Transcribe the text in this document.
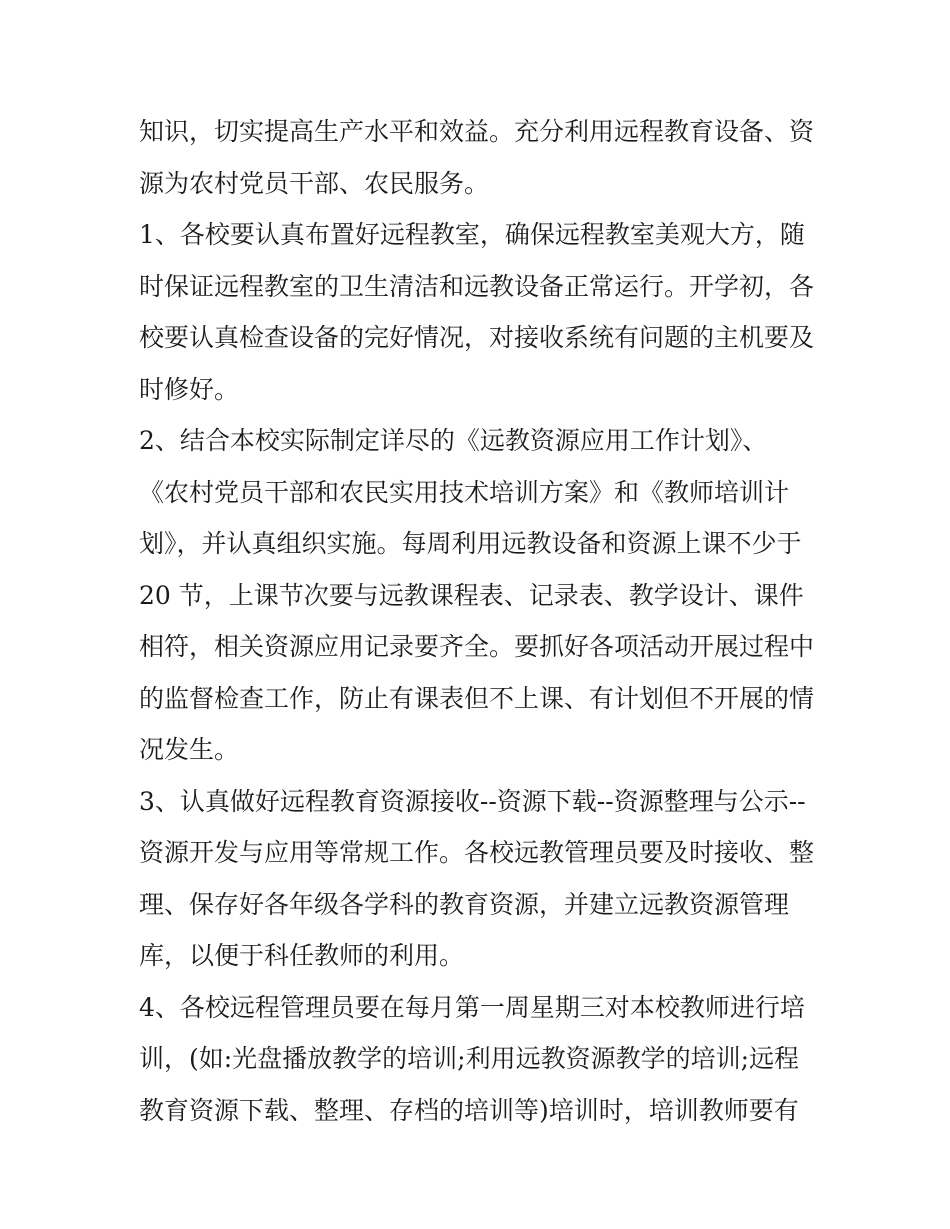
知识，切实提高生产水平和效益。充分利用远程教育设备、资
源为农村党员干部、农民服务。
1、各校要认真布置好远程教室，确保远程教室美观大方，随
时保证远程教室的卫生清洁和远教设备正常运行。开学初，各
校要认真检查设备的完好情况，对接收系统有问题的主机要及
时修好。
2、结合本校实际制定详尽的《远教资源应用工作计划》、
《农村党员干部和农民实用技术培训方案》和《教师培训计
划》，并认真组织实施。每周利用远教设备和资源上课不少于
20 节，上课节次要与远教课程表、记录表、教学设计、课件
相符，相关资源应用记录要齐全。要抓好各项活动开展过程中
的监督检查工作，防止有课表但不上课、有计划但不开展的情
况发生。
3、认真做好远程教育资源接收--资源下载--资源整理与公示--
资源开发与应用等常规工作。各校远教管理员要及时接收、整
理、保存好各年级各学科的教育资源，并建立远教资源管理
库，以便于科任教师的利用。
4、各校远程管理员要在每月第一周星期三对本校教师进行培
训，(如:光盘播放教学的培训;利用远教资源教学的培训;远程
教育资源下载、整理、存档的培训等)培训时，培训教师要有
